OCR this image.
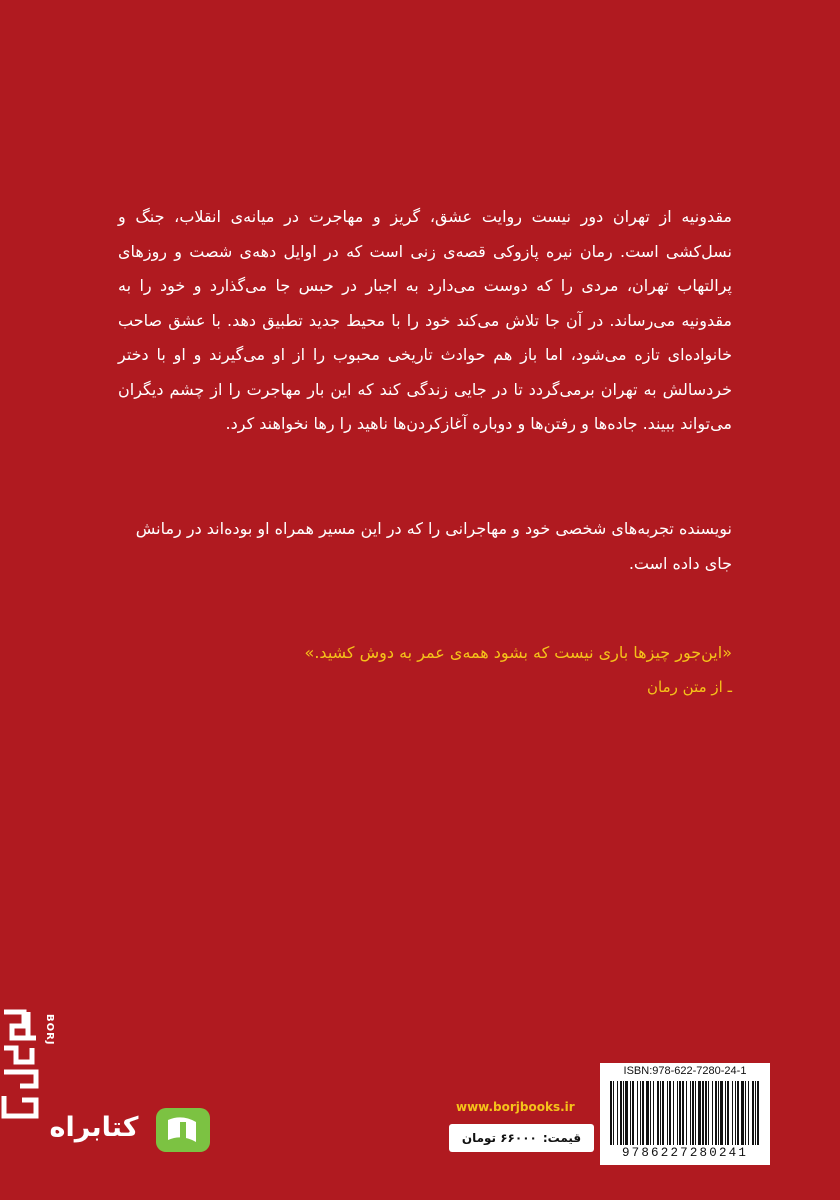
مقدونیه از تهران دور نیست روایت عشق، گریز و مهاجرت در میانه‌ی انقلاب، جنگ و نسل‌کشی است. رمان نیره پازوکی قصه‌ی زنی است که در اوایل دهه‌ی شصت و روزهای پرالتهاب تهران، مردی را که دوست می‌دارد به اجبار در حبس جا می‌گذارد و خود را به مقدونیه می‌رساند. در آن جا تلاش می‌کند خود را با محیط جدید تطبیق دهد. با عشق صاحب خانواده‌ای تازه می‌شود، اما باز هم حوادث تاریخی محبوب را از او می‌گیرند و او با دختر خردسالش به تهران برمی‌گردد تا در جایی زندگی کند که این بار مهاجرت را از چشم دیگران می‌تواند ببیند. جاده‌ها و رفتن‌ها و دوباره آغازکردن‌ها ناهید را رها نخواهند کرد.

نویسنده تجربه‌های شخصی خود و مهاجرانی را که در این مسیر همراه او بوده‌اند در رمانش جای داده است.

«این‌جور چیزها باری نیست که بشود همه‌ی عمر به دوش کشید.»

ـ از متن رمان

BORJ
کتابراه
www.borjbooks.ir
قیمت:
۶۶۰۰۰ تومان
ISBN:978-622-7280-24-1
9786227280241
